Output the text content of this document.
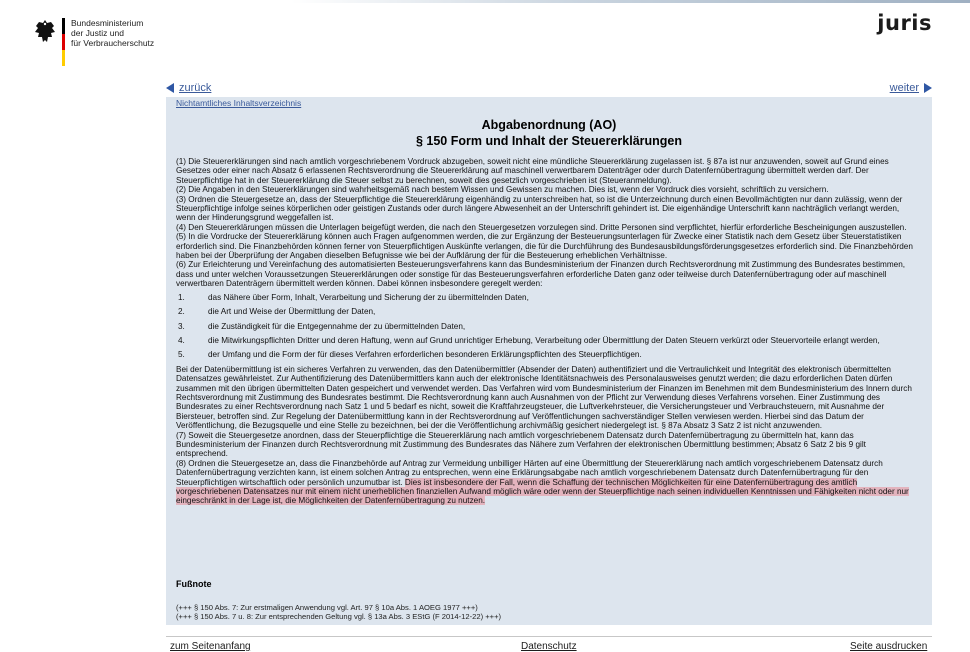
Bundesministerium
der Justiz und
für Verbraucherschutz
juris
zurück	weiter
Nichtamtliches Inhaltsverzeichnis
Abgabenordnung (AO)
§ 150 Form und Inhalt der Steuererklärungen

(1) Die Steuererklärungen sind nach amtlich vorgeschriebenem Vordruck abzugeben, soweit nicht eine mündliche Steuererklärung zugelassen ist. § 87a ist nur anzuwenden, soweit auf Grund eines Gesetzes oder einer nach Absatz 6 erlassenen Rechtsverordnung die Steuererklärung auf maschinell verwertbarem Datenträger oder durch Datenfernübertragung übermittelt werden darf. Der Steuerpflichtige hat in der Steuererklärung die Steuer selbst zu berechnen, soweit dies gesetzlich vorgeschrieben ist (Steueranmeldung).

(2) Die Angaben in den Steuererklärungen sind wahrheitsgemäß nach bestem Wissen und Gewissen zu machen. Dies ist, wenn der Vordruck dies vorsieht, schriftlich zu versichern.

(3) Ordnen die Steuergesetze an, dass der Steuerpflichtige die Steuererklärung eigenhändig zu unterschreiben hat, so ist die Unterzeichnung durch einen Bevollmächtigten nur dann zulässig, wenn der Steuerpflichtige infolge seines körperlichen oder geistigen Zustands oder durch längere Abwesenheit an der Unterschrift gehindert ist. Die eigenhändige Unterschrift kann nachträglich verlangt werden, wenn der Hinderungsgrund weggefallen ist.

(4) Den Steuererklärungen müssen die Unterlagen beigefügt werden, die nach den Steuergesetzen vorzulegen sind. Dritte Personen sind verpflichtet, hierfür erforderliche Bescheinigungen auszustellen.

(5) In die Vordrucke der Steuererklärung können auch Fragen aufgenommen werden, die zur Ergänzung der Besteuerungsunterlagen für Zwecke einer Statistik nach dem Gesetz über Steuerstatistiken erforderlich sind. Die Finanzbehörden können ferner von Steuerpflichtigen Auskünfte verlangen, die für die Durchführung des Bundesausbildungsförderungsgesetzes erforderlich sind. Die Finanzbehörden haben bei der Überprüfung der Angaben dieselben Befugnisse wie bei der Aufklärung der für die Besteuerung erheblichen Verhältnisse.

(6) Zur Erleichterung und Vereinfachung des automatisierten Besteuerungsverfahrens kann das Bundesministerium der Finanzen durch Rechtsverordnung mit Zustimmung des Bundesrates bestimmen, dass und unter welchen Voraussetzungen Steuererklärungen oder sonstige für das Besteuerungsverfahren erforderliche Daten ganz oder teilweise durch Datenfernübertragung oder auf maschinell verwertbaren Datenträgern übermittelt werden können. Dabei können insbesondere geregelt werden:

1.	das Nähere über Form, Inhalt, Verarbeitung und Sicherung der zu übermittelnden Daten,
2.	die Art und Weise der Übermittlung der Daten,
3.	die Zuständigkeit für die Entgegennahme der zu übermittelnden Daten,
4.	die Mitwirkungspflichten Dritter und deren Haftung, wenn auf Grund unrichtiger Erhebung, Verarbeitung oder Übermittlung der Daten Steuern verkürzt oder Steuervorteile erlangt werden,
5.	der Umfang und die Form der für dieses Verfahren erforderlichen besonderen Erklärungspflichten des Steuerpflichtigen.

Bei der Datenübermittlung ist ein sicheres Verfahren zu verwenden, das den Datenübermittler (Absender der Daten) authentifiziert und die Vertraulichkeit und Integrität des elektronisch übermittelten Datensatzes gewährleistet. Zur Authentifizierung des Datenübermittlers kann auch der elektronische Identitätsnachweis des Personalausweises genutzt werden; die dazu erforderlichen Daten dürfen zusammen mit den übrigen übermittelten Daten gespeichert und verwendet werden. Das Verfahren wird vom Bundesministerium der Finanzen im Benehmen mit dem Bundesministerium des Innern durch Rechtsverordnung mit Zustimmung des Bundesrates bestimmt. Die Rechtsverordnung kann auch Ausnahmen von der Pflicht zur Verwendung dieses Verfahrens vorsehen. Einer Zustimmung des Bundesrates zu einer Rechtsverordnung nach Satz 1 und 5 bedarf es nicht, soweit die Kraftfahrzeugsteuer, die Luftverkehrsteuer, die Versicherungsteuer und Verbrauchsteuern, mit Ausnahme der Biersteuer, betroffen sind. Zur Regelung der Datenübermittlung kann in der Rechtsverordnung auf Veröffentlichungen sachverständiger Stellen verwiesen werden. Hierbei sind das Datum der Veröffentlichung, die Bezugsquelle und eine Stelle zu bezeichnen, bei der die Veröffentlichung archivmäßig gesichert niedergelegt ist. § 87a Absatz 3 Satz 2 ist nicht anzuwenden.

(7) Soweit die Steuergesetze anordnen, dass der Steuerpflichtige die Steuererklärung nach amtlich vorgeschriebenem Datensatz durch Datenfernübertragung zu übermitteln hat, kann das Bundesministerium der Finanzen durch Rechtsverordnung mit Zustimmung des Bundesrates das Nähere zum Verfahren der elektronischen Übermittlung bestimmen; Absatz 6 Satz 2 bis 9 gilt entsprechend.

(8) Ordnen die Steuergesetze an, dass die Finanzbehörde auf Antrag zur Vermeidung unbilliger Härten auf eine Übermittlung der Steuererklärung nach amtlich vorgeschriebenem Datensatz durch Datenfernübertragung verzichten kann, ist einem solchen Antrag zu entsprechen, wenn eine Erklärungsabgabe nach amtlich vorgeschriebenem Datensatz durch Datenfernübertragung für den Steuerpflichtigen wirtschaftlich oder persönlich unzumutbar ist. Dies ist insbesondere der Fall, wenn die Schaffung der technischen Möglichkeiten für eine Datenfernübertragung des amtlich vorgeschriebenen Datensatzes nur mit einem nicht unerheblichen finanziellen Aufwand möglich wäre oder wenn der Steuerpflichtige nach seinen individuellen Kenntnissen und Fähigkeiten nicht oder nur eingeschränkt in der Lage ist, die Möglichkeiten der Datenfernübertragung zu nutzen.

Fußnote
(+++ § 150 Abs. 7: Zur erstmaligen Anwendung vgl. Art. 97 § 10a Abs. 1 AOEG 1977 +++)
(+++ § 150 Abs. 7 u. 8: Zur entsprechenden Geltung vgl. § 13a Abs. 3 EStG (F 2014-12-22) +++)
zum Seitenanfang	Datenschutz	Seite ausdrucken
